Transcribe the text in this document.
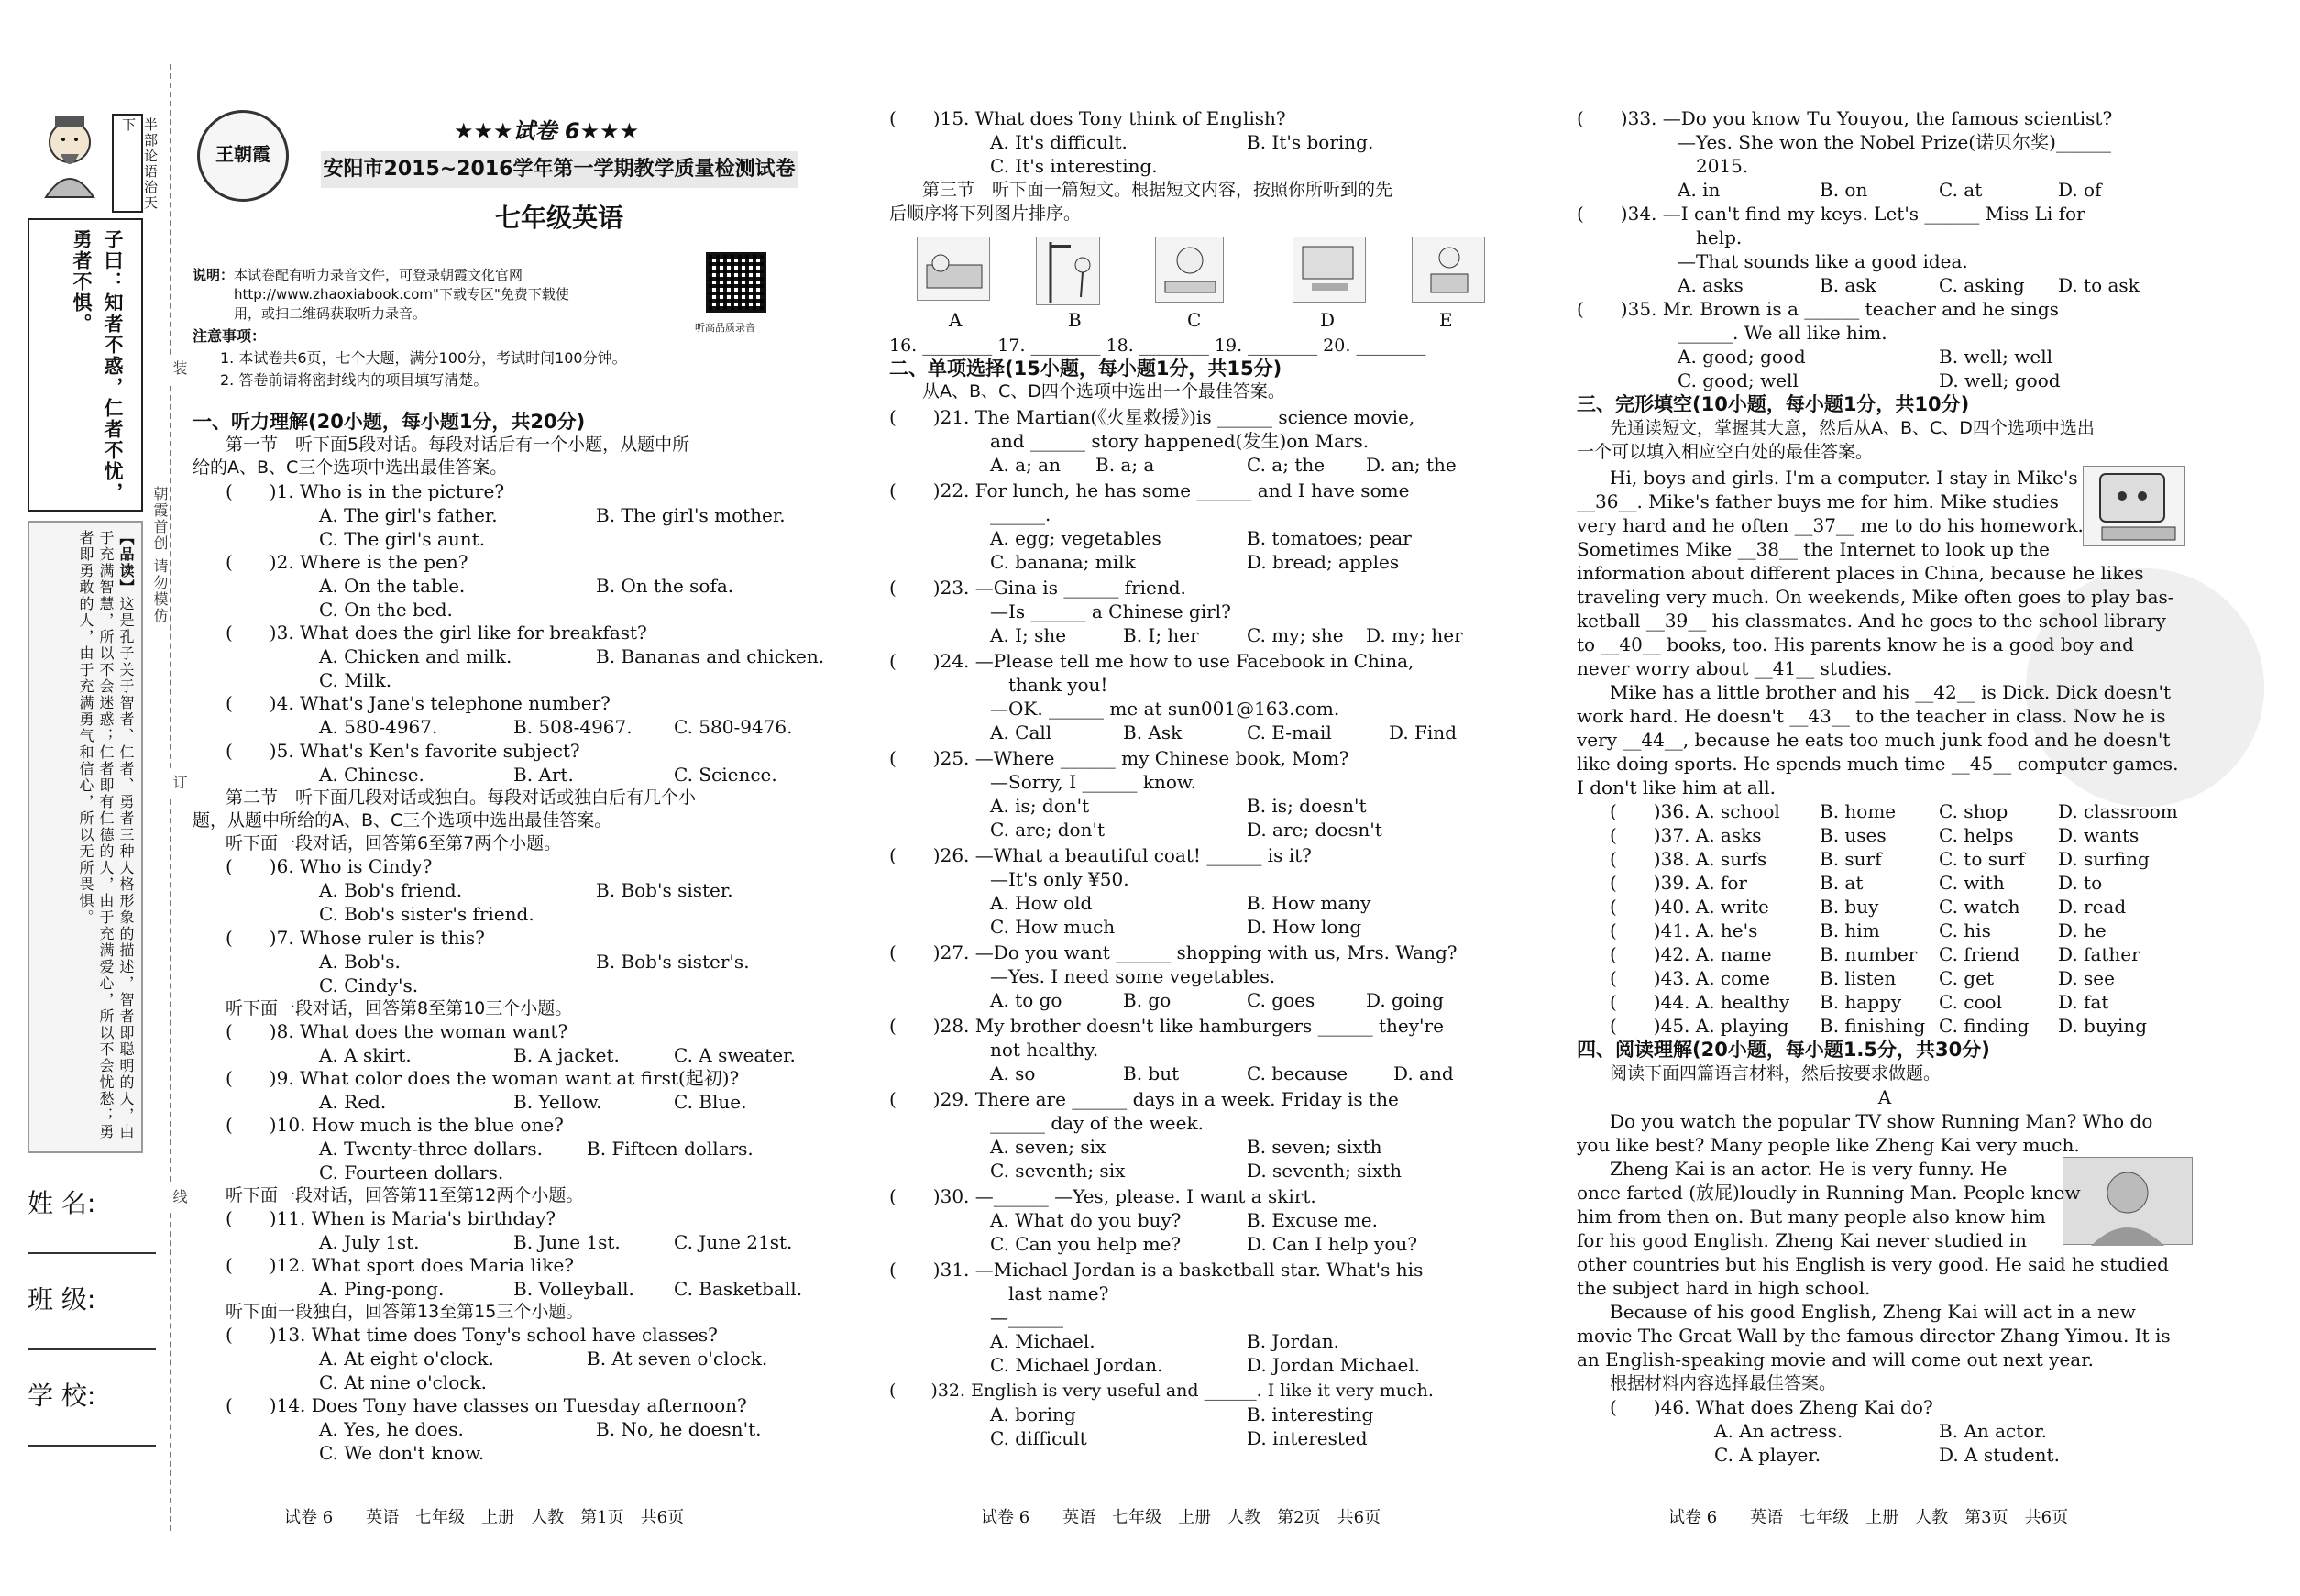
半部论语治天下
子曰：知者不惑，仁者不忧，勇者不惧。
【品读】这是孔子关于智者、仁者、勇者三种人格形象的描述，智者即聪明的人，由于充满智慧，所以不会迷惑；仁者即有仁德的人，由于充满爱心，所以不会忧愁；勇者即勇敢的人，由于充满勇气和信心，所以无所畏惧。	朝霞首创 请勿模仿
姓 名:
班 级:
学 校:
装
订
线
王朝霞
★★★试卷 6★★★
安阳市2015~2016学年第一学期教学质量检测试卷
七年级英语
说明：本试卷配有听力录音文件，可登录朝霞文化官网
http://www.zhaoxiabook.com"下载专区"免费下载使
用，或扫二维码获取听力录音。
听高品质录音
注意事项：
1. 本试卷共6页，七个大题，满分100分，考试时间100分钟。
2. 答卷前请将密封线内的项目填写清楚。
一、听力理解(20小题，每小题1分，共20分)
第一节　听下面5段对话。每段对话后有一个小题，从题中所
给的A、B、C三个选项中选出最佳答案。
(　　)1. Who is in the picture?
A. The girl's father.	B. The girl's mother.
C. The girl's aunt.
(　　)2. Where is the pen?
A. On the table.	B. On the sofa.
C. On the bed.
(　　)3. What does the girl like for breakfast?
A. Chicken and milk.	B. Bananas and chicken.
C. Milk.
(　　)4. What's Jane's telephone number?
A. 580-4967.	B. 508-4967. C. 580-9476.
(　　)5. What's Ken's favorite subject?
A. Chinese.	B. Art.	C. Science.
第二节　听下面几段对话或独白。每段对话或独白后有几个小
题，从题中所给的A、B、C三个选项中选出最佳答案。
听下面一段对话，回答第6至第7两个小题。
(　　)6. Who is Cindy?
A. Bob's friend.	B. Bob's sister.
C. Bob's sister's friend.
(　　)7. Whose ruler is this?
A. Bob's.	B. Bob's sister's.
C. Cindy's.
听下面一段对话，回答第8至第10三个小题。
(　　)8. What does the woman want?
A. A skirt.	B. A jacket.	C. A sweater.
(　　)9. What color does the woman want at first(起初)?
A. Red.	B. Yellow.	C. Blue.
(　　)10. How much is the blue one?
A. Twenty-three dollars. B. Fifteen dollars.
C. Fourteen dollars.
听下面一段对话，回答第11至第12两个小题。
(　　)11. When is Maria's birthday?
A. July 1st.	B. June 1st.	C. June 21st.
(　　)12. What sport does Maria like?
A. Ping-pong.	B. Volleyball. C. Basketball.
听下面一段独白，回答第13至第15三个小题。
(　　)13. What time does Tony's school have classes?
A. At eight o'clock.	B. At seven o'clock.
C. At nine o'clock.
(　　)14. Does Tony have classes on Tuesday afternoon?
A. Yes, he does.	B. No, he doesn't.
C. We don't know.
试卷 6　　英语　七年级　上册　人教　第1页　共6页
(　　)15. What does Tony think of English?
A. It's difficult.	B. It's boring.
C. It's interesting.
第三节　听下面一篇短文。根据短文内容，按照你所听到的先
后顺序将下列图片排序。
A	B	C	D	E
16. ________ 17. ________ 18. ________ 19. ________ 20. ________
二、单项选择(15小题，每小题1分，共15分)
从A、B、C、D四个选项中选出一个最佳答案。
(　　)21. The Martian(《火星救援》)is ______ science movie,
and ______ story happened(发生)on Mars.
A. a; an B. a; a	C. a; the D. an; the
(　　)22. For lunch, he has some ______ and I have some
______.
A. egg; vegetables	B. tomatoes; pear
C. banana; milk	D. bread; apples
(　　)23. —Gina is ______ friend.
—Is ______ a Chinese girl?
A. I; she	B. I; her	C. my; she D. my; her
(　　)24. —Please tell me how to use Facebook in China,
thank you!
—OK. ______ me at sun001@163.com.
A. Call	B. Ask	C. E-mail	D. Find
(　　)25. —Where ______ my Chinese book, Mom?
—Sorry, I ______ know.
A. is; don't	B. is; doesn't
C. are; don't	D. are; doesn't
(　　)26. —What a beautiful coat! ______ is it?
—It's only ¥50.
A. How old	B. How many
C. How much	D. How long
(　　)27. —Do you want ______ shopping with us, Mrs. Wang?
—Yes. I need some vegetables.
A. to go	B. go	C. goes	D. going
(　　)28. My brother doesn't like hamburgers ______ they're
not healthy.
A. so	B. but	C. because D. and
(　　)29. There are ______ days in a week. Friday is the
______ day of the week.
A. seven; six	B. seven; sixth
C. seventh; six	D. seventh; sixth
(　　)30. —______ —Yes, please. I want a skirt.
A. What do you buy?	B. Excuse me.
C. Can you help me?	D. Can I help you?
(　　)31. —Michael Jordan is a basketball star. What's his
last name?
—______
A. Michael.	B. Jordan.
C. Michael Jordan.	D. Jordan Michael.
(　　)32. English is very useful and ______. I like it very much.
A. boring	B. interesting
C. difficult	D. interested
试卷 6　　英语　七年级　上册　人教　第2页　共6页
(　　)33. —Do you know Tu Youyou, the famous scientist?
—Yes. She won the Nobel Prize(诺贝尔奖)______
2015.
A. in	B. on	C. at	D. of
(　　)34. —I can't find my keys. Let's ______ Miss Li for
help.
—That sounds like a good idea.
A. asks	B. ask	C. asking D. to ask
(　　)35. Mr. Brown is a ______ teacher and he sings
______. We all like him.
A. good; good	B. well; well
C. good; well	D. well; good
三、完形填空(10小题，每小题1分，共10分)
先通读短文，掌握其大意，然后从A、B、C、D四个选项中选出
一个可以填入相应空白处的最佳答案。
Hi, boys and girls. I'm a computer. I stay in Mike's
__36__. Mike's father buys me for him. Mike studies
very hard and he often __37__ me to do his homework.
Sometimes Mike __38__ the Internet to look up the
information about different places in China, because he likes
traveling very much. On weekends, Mike often goes to play bas-
ketball __39__ his classmates. And he goes to the school library
to __40__ books, too. His parents know he is a good boy and
never worry about __41__ studies.
Mike has a little brother and his __42__ is Dick. Dick doesn't
work hard. He doesn't __43__ to the teacher in class. Now he is
very __44__, because he eats too much junk food and he doesn't
like doing sports. He spends much time __45__ computer games.
I don't like him at all.
(　　)36. A. school B. home C. shop	D. classroom
(　　)37. A. asks	B. uses	C. helps D. wants
(　　)38. A. surfs	B. surf	C. to surf D. surfing
(　　)39. A. for	B. at	C. with	D. to
(　　)40. A. write	B. buy	C. watch D. read
(　　)41. A. he's	B. him	C. his	D. he
(　　)42. A. name	B. number C. friend D. father
(　　)43. A. come	B. listen C. get	D. see
(　　)44. A. healthy B. happy C. cool	D. fat
(　　)45. A. playing B. finishing C. finding D. buying
四、阅读理解(20小题，每小题1.5分，共30分)
阅读下面四篇语言材料，然后按要求做题。
A
Do you watch the popular TV show Running Man? Who do
you like best? Many people like Zheng Kai very much.
Zheng Kai is an actor. He is very funny. He
once farted (放屁)loudly in Running Man. People knew
him from then on. But many people also know him
for his good English. Zheng Kai never studied in
other countries but his English is very good. He said he studied
the subject hard in high school.
Because of his good English, Zheng Kai will act in a new
movie The Great Wall by the famous director Zhang Yimou. It is
an English-speaking movie and will come out next year.
根据材料内容选择最佳答案。
(　　)46. What does Zheng Kai do?
A. An actress.	B. An actor.
C. A player.	D. A student.
试卷 6　　英语　七年级　上册　人教　第3页　共6页
